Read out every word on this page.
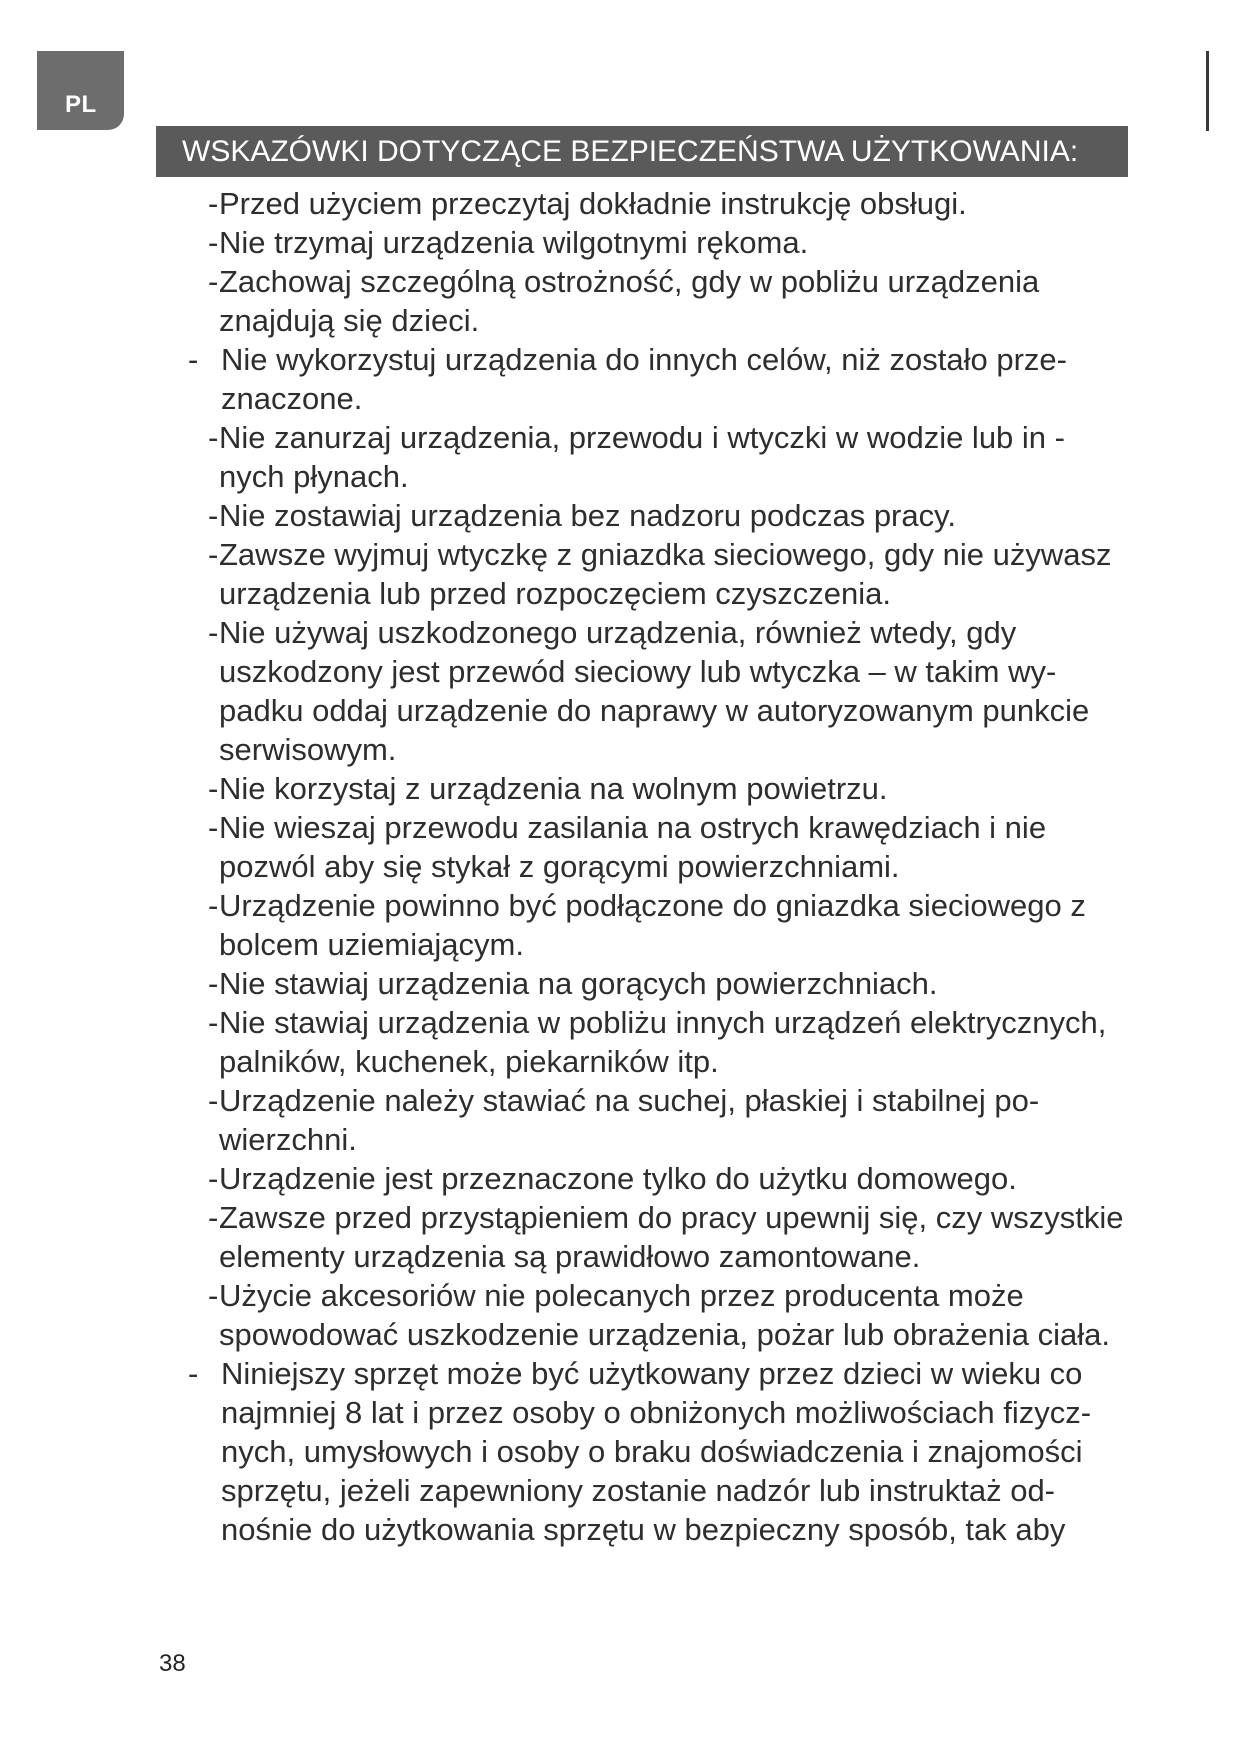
PL
WSKAZÓWKI DOTYCZĄCE BEZPIECZEŃSTWA UŻYTKOWANIA:
- Przed użyciem przeczytaj dokładnie instrukcję obsługi.
- Nie trzymaj urządzenia wilgotnymi rękoma.
- Zachowaj szczególną ostrożność, gdy w pobliżu urządzenia
znajdują się dzieci.
- Nie wykorzystuj urządzenia do innych celów, niż zostało prze-
znaczone.
- Nie zanurzaj urządzenia, przewodu i wtyczki w wodzie lub in -
nych płynach.
- Nie zostawiaj urządzenia bez nadzoru podczas pracy.
- Zawsze wyjmuj wtyczkę z gniazdka sieciowego, gdy nie używasz
urządzenia lub przed rozpoczęciem czyszczenia.
- Nie używaj uszkodzonego urządzenia, również wtedy, gdy
uszkodzony jest przewód sieciowy lub wtyczka – w takim wy-
padku oddaj urządzenie do naprawy w autoryzowanym punkcie
serwisowym.
- Nie korzystaj z urządzenia na wolnym powietrzu.
- Nie wieszaj przewodu zasilania na ostrych krawędziach i nie
pozwól aby się stykał z gorącymi powierzchniami.
- Urządzenie powinno być podłączone do gniazdka sieciowego z
bolcem uziemiającym.
- Nie stawiaj urządzenia na gorących powierzchniach.
- Nie stawiaj urządzenia w pobliżu innych urządzeń elektrycznych,
palników, kuchenek, piekarników itp.
- Urządzenie należy stawiać na suchej, płaskiej i stabilnej po-
wierzchni.
- Urządzenie jest przeznaczone tylko do użytku domowego.
- Zawsze przed przystąpieniem do pracy upewnij się, czy wszystkie
elementy urządzenia są prawidłowo zamontowane.
- Użycie akcesoriów nie polecanych przez producenta może
spowodować uszkodzenie urządzenia, pożar lub obrażenia ciała.
- Niniejszy sprzęt może być użytkowany przez dzieci w wieku co
najmniej 8 lat i przez osoby o obniżonych możliwościach fizycz-
nych, umysłowych i osoby o braku doświadczenia i znajomości
sprzętu, jeżeli zapewniony zostanie nadzór lub instruktaż od-
nośnie do użytkowania sprzętu w bezpieczny sposób, tak aby
38
